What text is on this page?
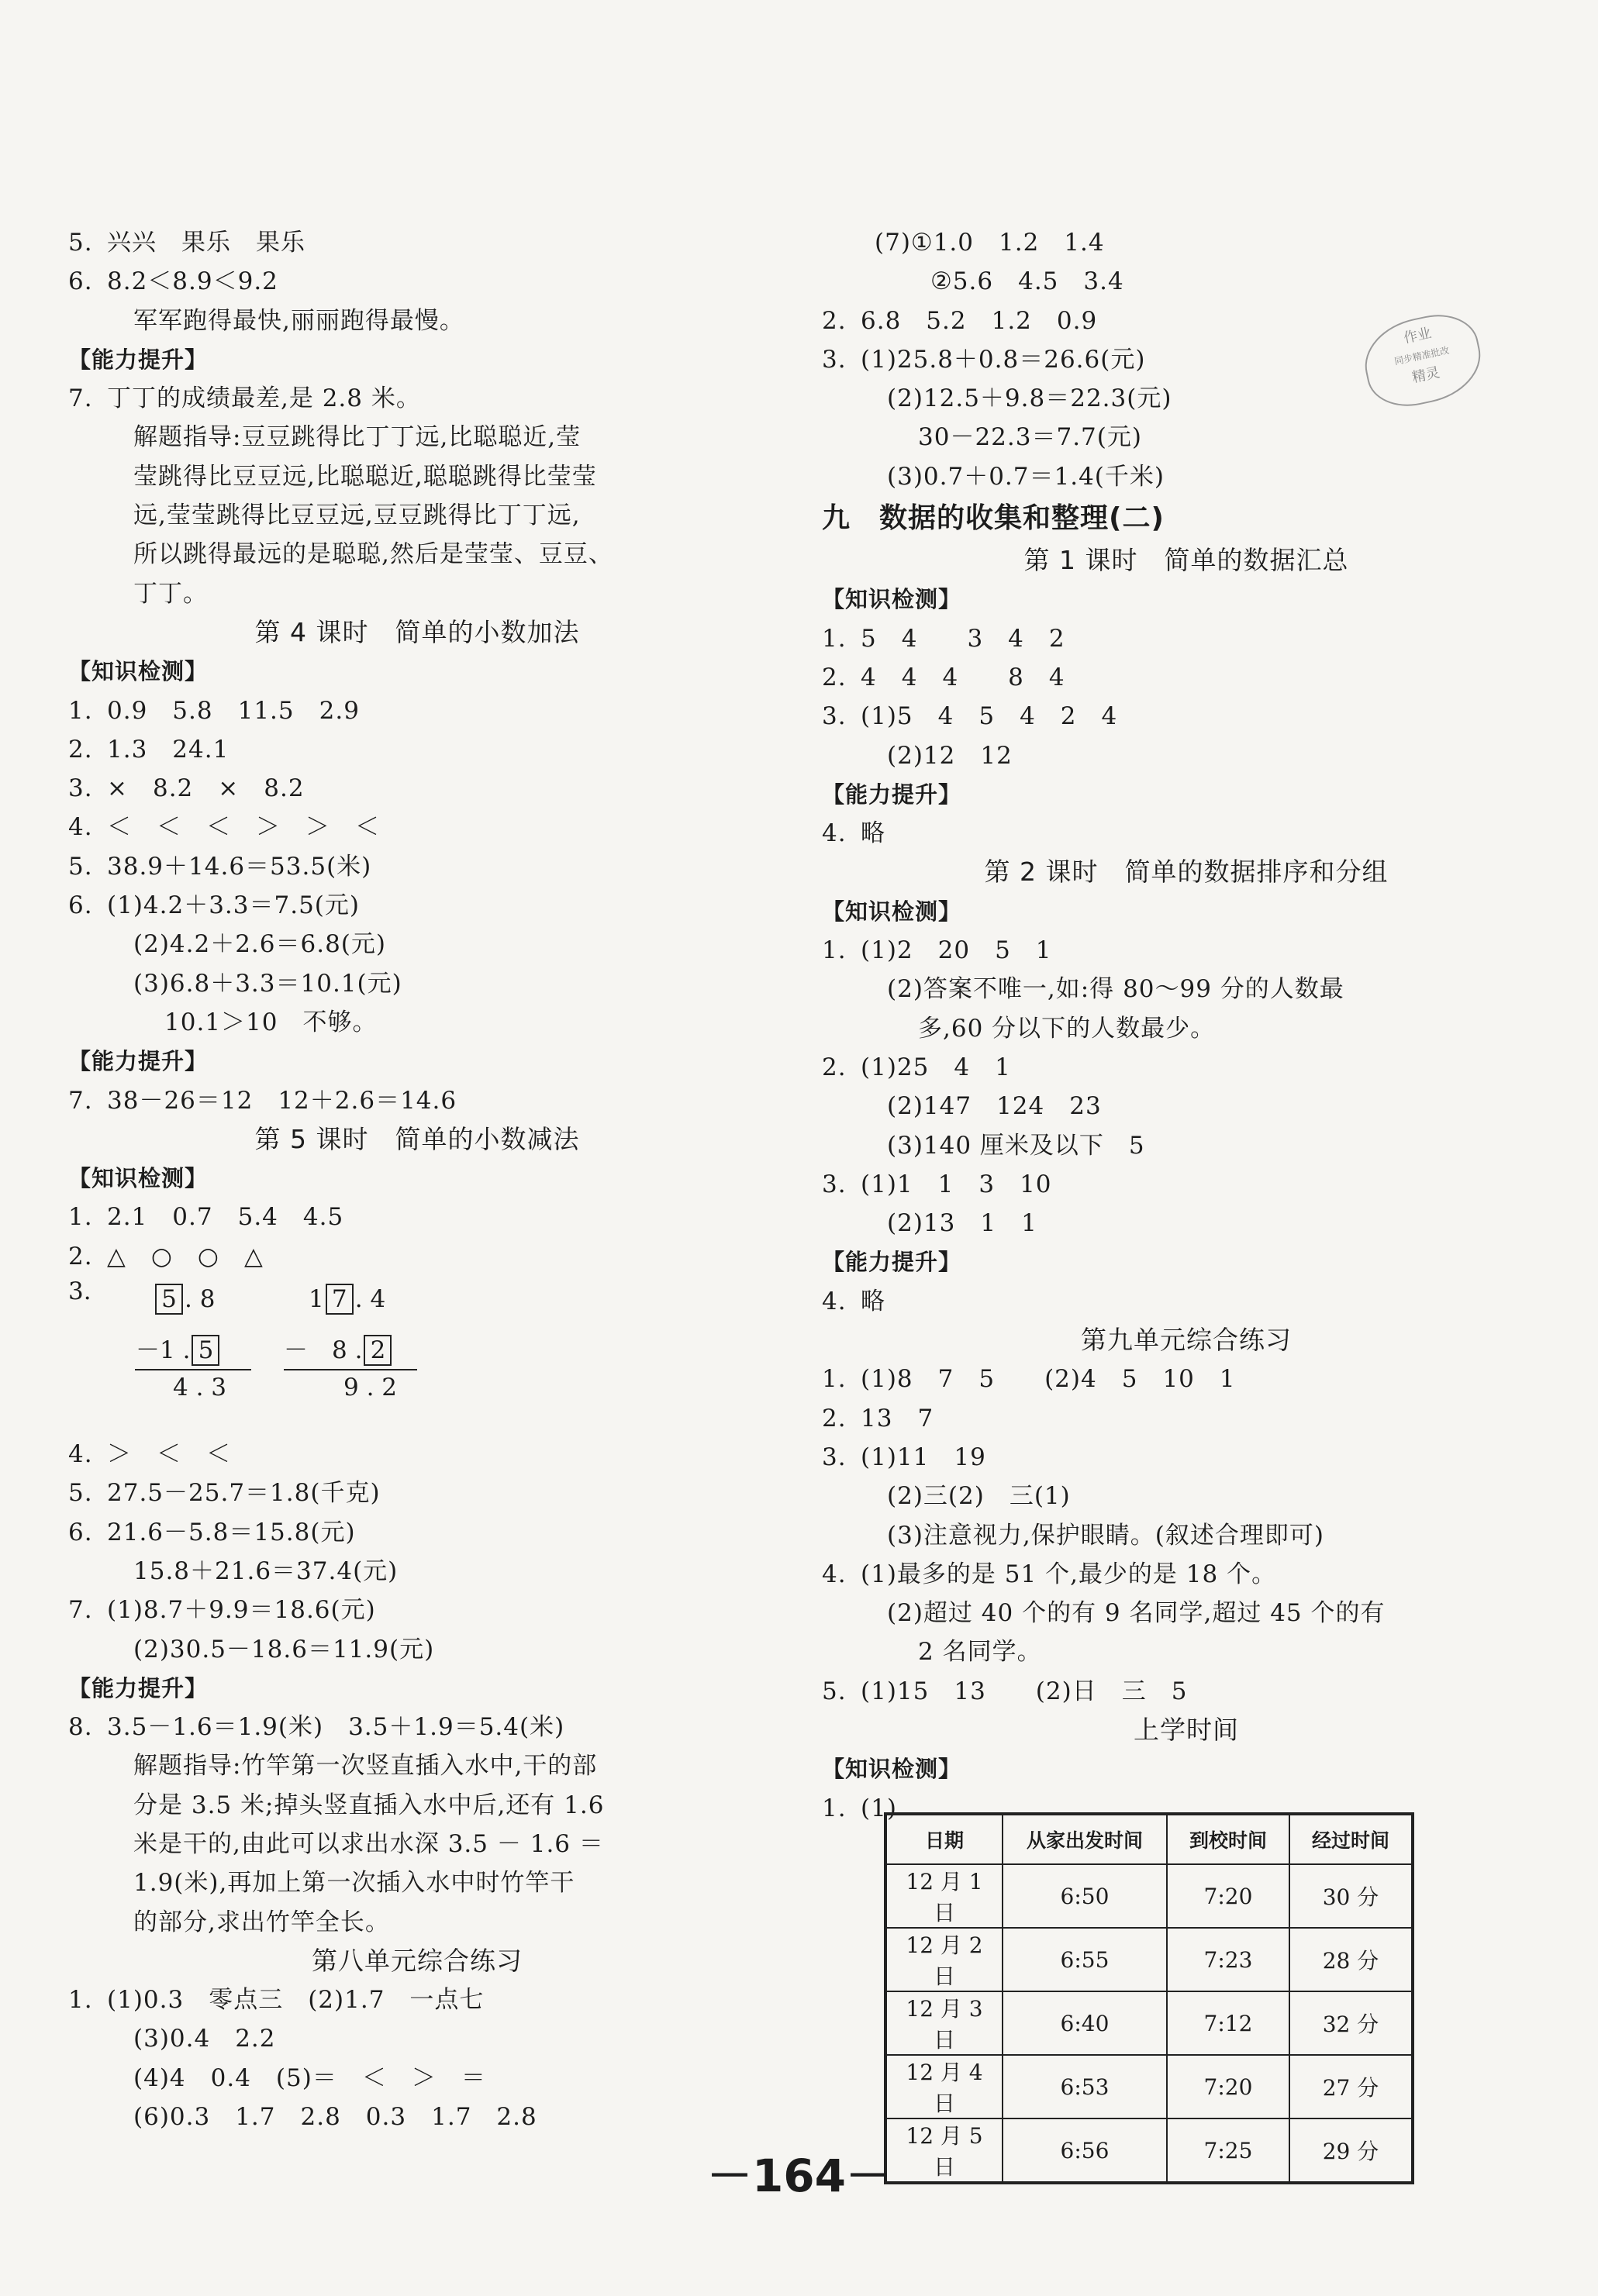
5. 兴兴　果乐　果乐
6. 8.2＜8.9＜9.2
军军跑得最快,丽丽跑得最慢。
【能力提升】
7. 丁丁的成绩最差,是 2.8 米。
解题指导:豆豆跳得比丁丁远,比聪聪近,莹
莹跳得比豆豆远,比聪聪近,聪聪跳得比莹莹
远,莹莹跳得比豆豆远,豆豆跳得比丁丁远,
所以跳得最远的是聪聪,然后是莹莹、豆豆、
丁丁。
第 4 课时　简单的小数加法
【知识检测】
1. 0.9　5.8　11.5　2.9
2. 1.3　24.1
3. ×　8.2　×　8.2
4. ＜　＜　＜　＞　＞　＜
5. 38.9＋14.6＝53.5(米)
6. (1)4.2＋3.3＝7.5(元)
(2)4.2＋2.6＝6.8(元)
(3)6.8＋3.3＝10.1(元)
10.1＞10　不够。
【能力提升】
7. 38－26＝12　12＋2.6＝14.6
第 5 课时　简单的小数减法
【知识检测】
1. 2.1　0.7　5.4　4.5
2. △　○　○　△
3.	5 . 8
－1 . 5
4 . 3
1 7 . 4
－　8 . 2
9 . 2
4. ＞　＜　＜
5. 27.5－25.7＝1.8(千克)
6. 21.6－5.8＝15.8(元)
15.8＋21.6＝37.4(元)
7. (1)8.7＋9.9＝18.6(元)
(2)30.5－18.6＝11.9(元)
【能力提升】
8. 3.5－1.6＝1.9(米)　3.5＋1.9＝5.4(米)
解题指导:竹竿第一次竖直插入水中,干的部
分是 3.5 米;掉头竖直插入水中后,还有 1.6
米是干的,由此可以求出水深 3.5 － 1.6 ＝
1.9(米),再加上第一次插入水中时竹竿干
的部分,求出竹竿全长。
第八单元综合练习
1. (1)0.3　零点三　(2)1.7　一点七
(3)0.4　2.2
(4)4　0.4　(5)＝　＜　＞　＝
(6)0.3　1.7　2.8　0.3　1.7　2.8
(7)①1.0　1.2　1.4
②5.6　4.5　3.4
2. 6.8　5.2　1.2　0.9
3. (1)25.8＋0.8＝26.6(元)
(2)12.5＋9.8＝22.3(元)
30－22.3＝7.7(元)
(3)0.7＋0.7＝1.4(千米)
九　数据的收集和整理(二)
第 1 课时　简单的数据汇总
【知识检测】
1. 5　4　　3　4　2
2. 4　4　4　　8　4
3. (1)5　4　5　4　2　4
(2)12　12
【能力提升】
4. 略
第 2 课时　简单的数据排序和分组
【知识检测】
1. (1)2　20　5　1
(2)答案不唯一,如:得 80～99 分的人数最
多,60 分以下的人数最少。
2. (1)25　4　1
(2)147　124　23
(3)140 厘米及以下　5
3. (1)1　1　3　10
(2)13　1　1
【能力提升】
4. 略
第九单元综合练习
1. (1)8　7　5　　(2)4　5　10　1
2. 13　7
3. (1)11　19
(2)三(2)　三(1)
(3)注意视力,保护眼睛。(叙述合理即可)
4. (1)最多的是 51 个,最少的是 18 个。
(2)超过 40 个的有 9 名同学,超过 45 个的有
2 名同学。
5. (1)15　13　　(2)日　三　5
上学时间
【知识检测】
1. (1)
日期	从家出发时间	到校时间	经过时间
12 月 1 日	6:50	7:20	30 分
12 月 2 日	6:55	7:23	28 分
12 月 3 日	6:40	7:12	32 分
12 月 4 日	6:53	7:20	27 分
12 月 5 日	6:56	7:25	29 分
作业
同步精准批改
精灵
－164－
